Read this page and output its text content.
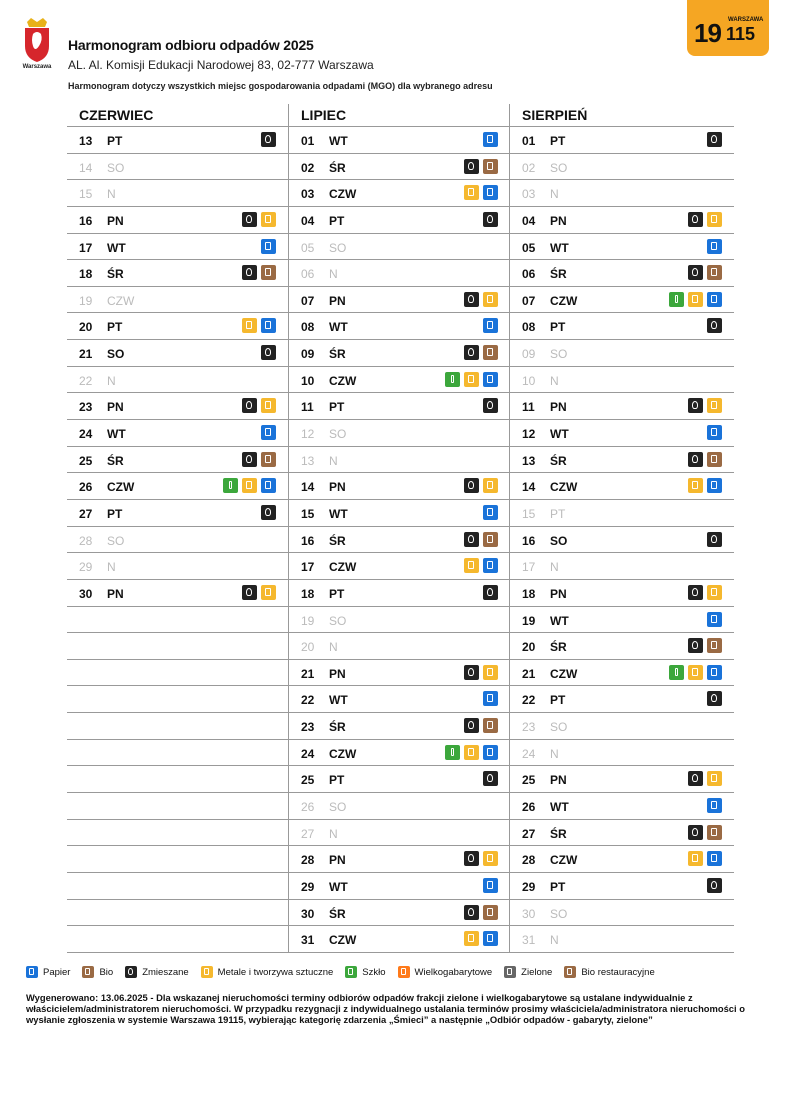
Warszawa
Harmonogram odbioru odpadów 2025
AL. Al. Komisji Edukacji Narodowej 83, 02-777 Warszawa
Harmonogram dotyczy wszystkich miejsc gospodarowania odpadami (MGO) dla wybranego adresu
19 WARSZAWA
115
CZERWIEC
13	PT
14	SO
15	N
16	PN
17	WT
18	ŚR
19	CZW
20	PT
21	SO
22	N
23	PN
24	WT
25	ŚR
26	CZW
27	PT
28	SO
29	N
30	PN
LIPIEC
01	WT
02	ŚR
03	CZW
04	PT
05	SO
06	N
07	PN
08	WT
09	ŚR
10	CZW
11	PT
12	SO
13	N
14	PN
15	WT
16	ŚR
17	CZW
18	PT
19	SO
20	N
21	PN
22	WT
23	ŚR
24	CZW
25	PT
26	SO
27	N
28	PN
29	WT
30	ŚR
31	CZW
SIERPIEŃ
01	PT
02	SO
03	N
04	PN
05	WT
06	ŚR
07	CZW
08	PT
09	SO
10	N
11	PN
12	WT
13	ŚR
14	CZW
15	PT
16	SO
17	N
18	PN
19	WT
20	ŚR
21	CZW
22	PT
23	SO
24	N
25	PN
26	WT
27	ŚR
28	CZW
29	PT
30	SO
31	N
Papier	Bio	Zmieszane	Metale i tworzywa sztuczne	Szkło	Wielkogabarytowe	Zielone	Bio restauracyjne
Wygenerowano: 13.06.2025 - Dla wskazanej nieruchomości terminy odbiorów odpadów frakcji zielone i wielkogabarytowe są ustalane indywidualnie z właścicielem/administratorem nieruchomości. W przypadku rezygnacji z indywidualnego ustalania terminów prosimy właściciela/administratora nieruchomości o wysłanie zgłoszenia w systemie Warszawa 19115, wybierając kategorię zdarzenia „Śmieci” a następnie „Odbiór odpadów - gabaryty, zielone”
